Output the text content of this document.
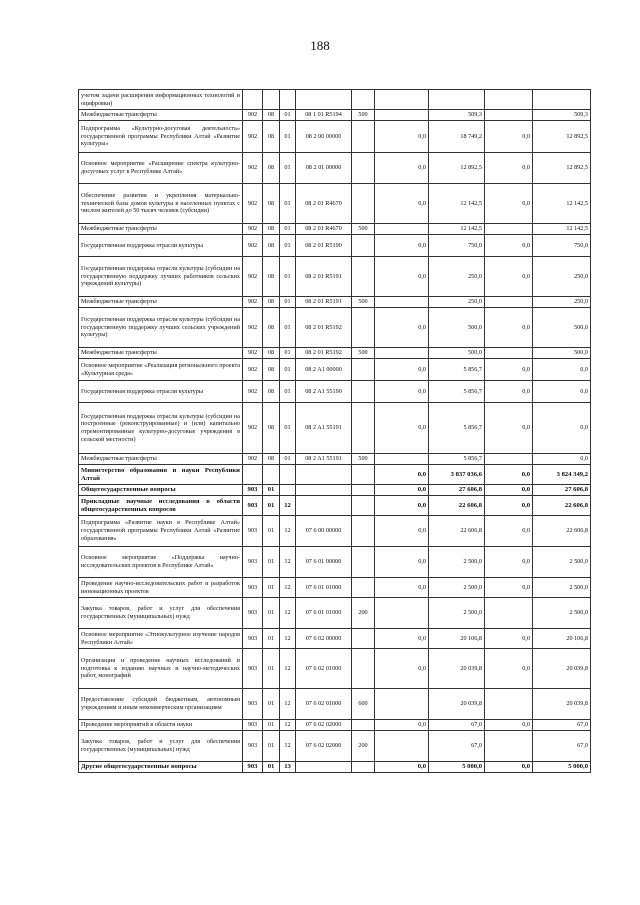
188
учетом задачи расширения информационных технологий и оцифровки)									
Межбюджетные трансферты	902	08	01	08 1 01 R5194	500		509,3		509,3
Подпрограмма «Культурно-досуговая деятельность» государственной программы Республики Алтай «Развитие культуры»	902	08	01	08 2 00 00000		0,0	18 749,2	0,0	12 892,5
Основное мероприятие «Расширение спектра культурно-досуговых услуг в Республике Алтай»	902	08	01	08 2 01 00000		0,0	12 892,5	0,0	12 892,5
Обеспечение развития и укрепления материально-технической базы домов культуры в населенных пунктах с числом жителей до 50 тысяч человек (субсидии)	902	08	01	08 2 01 R4670		0,0	12 142,5	0,0	12 142,5
Межбюджетные трансферты	902	08	01	08 2 01 R4670	500		12 142,5		12 142,5
Государственная поддержка отрасли культуры	902	08	01	08 2 01 R5190		0,0	750,0	0,0	750,0
Государственная поддержка отрасли культуры (субсидии на государственную поддержку лучших работников сельских учреждений культуры)	902	08	01	08 2 01 R5191		0,0	250,0	0,0	250,0
Межбюджетные трансферты	902	08	01	08 2 01 R5191	500		250,0		250,0
Государственная поддержка отрасли культуры (субсидии на государственную поддержку лучших сельских учреждений культуры)	902	08	01	08 2 01 R5192		0,0	500,0	0,0	500,0
Межбюджетные трансферты	902	08	01	08 2 01 R5192	500		500,0		500,0
Основное мероприятие «Реализация регионального проекта «Культурная среда»	902	08	01	08 2 A1 00000		0,0	5 856,7	0,0	0,0
Государственная поддержка отрасли культуры	902	08	01	08 2 A1 55190		0,0	5 856,7	0,0	0,0
Государственная поддержка отрасли культуры (субсидии на построенные (реконструированные) и (или) капитально отремонтированные культурно-досуговые учреждения в сельской местности)	902	08	01	08 2 A1 55191		0,0	5 856,7	0,0	0,0
Межбюджетные трансферты	902	08	01	08 2 A1 55191	500		5 856,7		0,0
Министерство образования и науки Республики Алтай						0,0	3 837 036,6	0,0	3 824 349,2
Общегосударственные вопросы	903	01				0,0	27 606,8	0,0	27 606,8
Прикладные научные исследования в области общегосударственных вопросов	903	01	12			0,0	22 606,8	0,0	22 606,8
Подпрограмма «Развитие науки в Республике Алтай» государственной программы Республики Алтай «Развитие образования»	903	01	12	07 6 00 00000		0,0	22 606,8	0,0	22 606,8
Основное мероприятие «Поддержка научно-исследовательских проектов в Республике Алтай»	903	01	12	07 6 01 00000		0,0	2 500,0	0,0	2 500,0
Проведение научно-исследовательских работ и разработок инновационных проектов	903	01	12	07 6 01 01000		0,0	2 500,0	0,0	2 500,0
Закупка товаров, работ и услуг для обеспечения государственных (муниципальных) нужд	903	01	12	07 6 01 01000	200		2 500,0		2 500,0
Основное мероприятие «Этнокультурное изучение народов Республики Алтай»	903	01	12	07 6 02 00000		0,0	20 106,8	0,0	20 106,8
Организация и проведение научных исследований и подготовка к изданию научных и научно-методических работ, монографий	903	01	12	07 6 02 01000		0,0	20 039,8	0,0	20 039,8
Предоставление субсидий бюджетным, автономным учреждениям и иным некоммерческим организациям	903	01	12	07 6 02 01000	600		20 039,8		20 039,8
Проведение мероприятий в области науки	903	01	12	07 6 02 02000		0,0	67,0	0,0	67,0
Закупка товаров, работ и услуг для обеспечения государственных (муниципальных) нужд	903	01	12	07 6 02 02000	200		67,0		67,0
Другие общегосударственные вопросы	903	01	13			0,0	5 000,0	0,0	5 000,0
